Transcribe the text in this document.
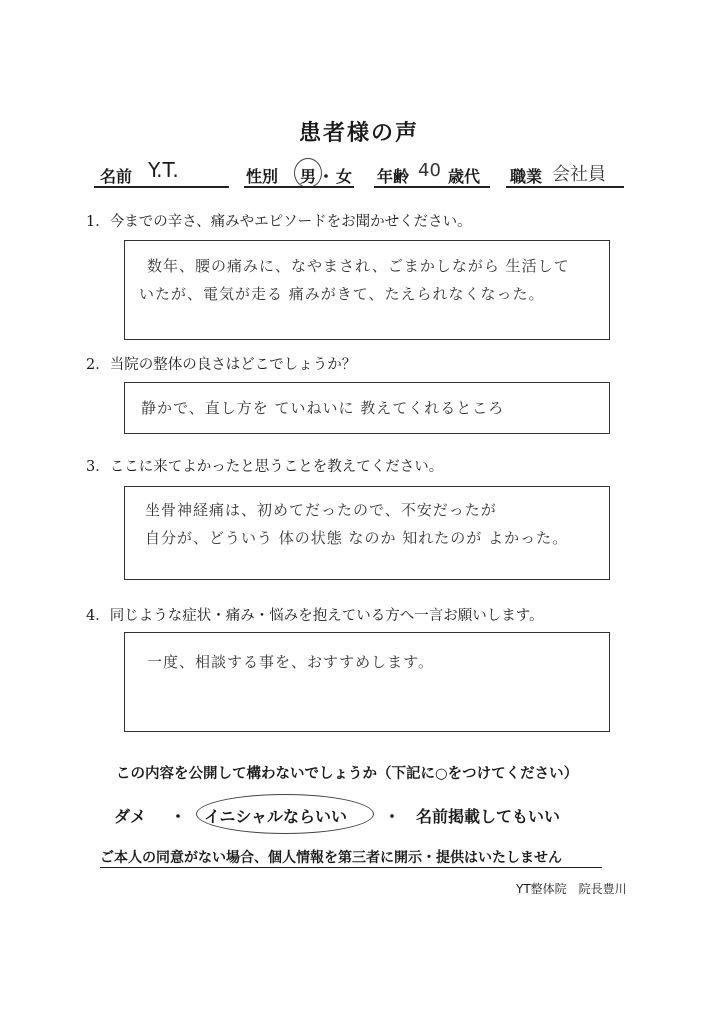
患者様の声
名前 Y.T.	性別 男 ・ 女 年齢 40 歳代 職業 会社員
1．今までの辛さ、痛みやエピソードをお聞かせください。
数年、腰の痛みに、なやまされ、ごまかしながら 生活して
いたが、電気が走る 痛みがきて、たえられなくなった。
2．当院の整体の良さはどこでしょうか？
静かで、直し方を ていねいに 教えてくれるところ
3．ここに来てよかったと思うことを教えてください。
坐骨神経痛は、初めてだったので、不安だったが
自分が、どういう 体の状態 なのか 知れたのが よかった。
4．同じような症状・痛み・悩みを抱えている方へ一言お願いします。
一度、相談する事を、おすすめします。
この内容を公開して構わないでしょうか（下記に○をつけてください）
ダメ ・ イニシャルならいい ・ 名前掲載してもいい
ご本人の同意がない場合、個人情報を第三者に開示・提供はいたしません
YT整体院　院長豊川
